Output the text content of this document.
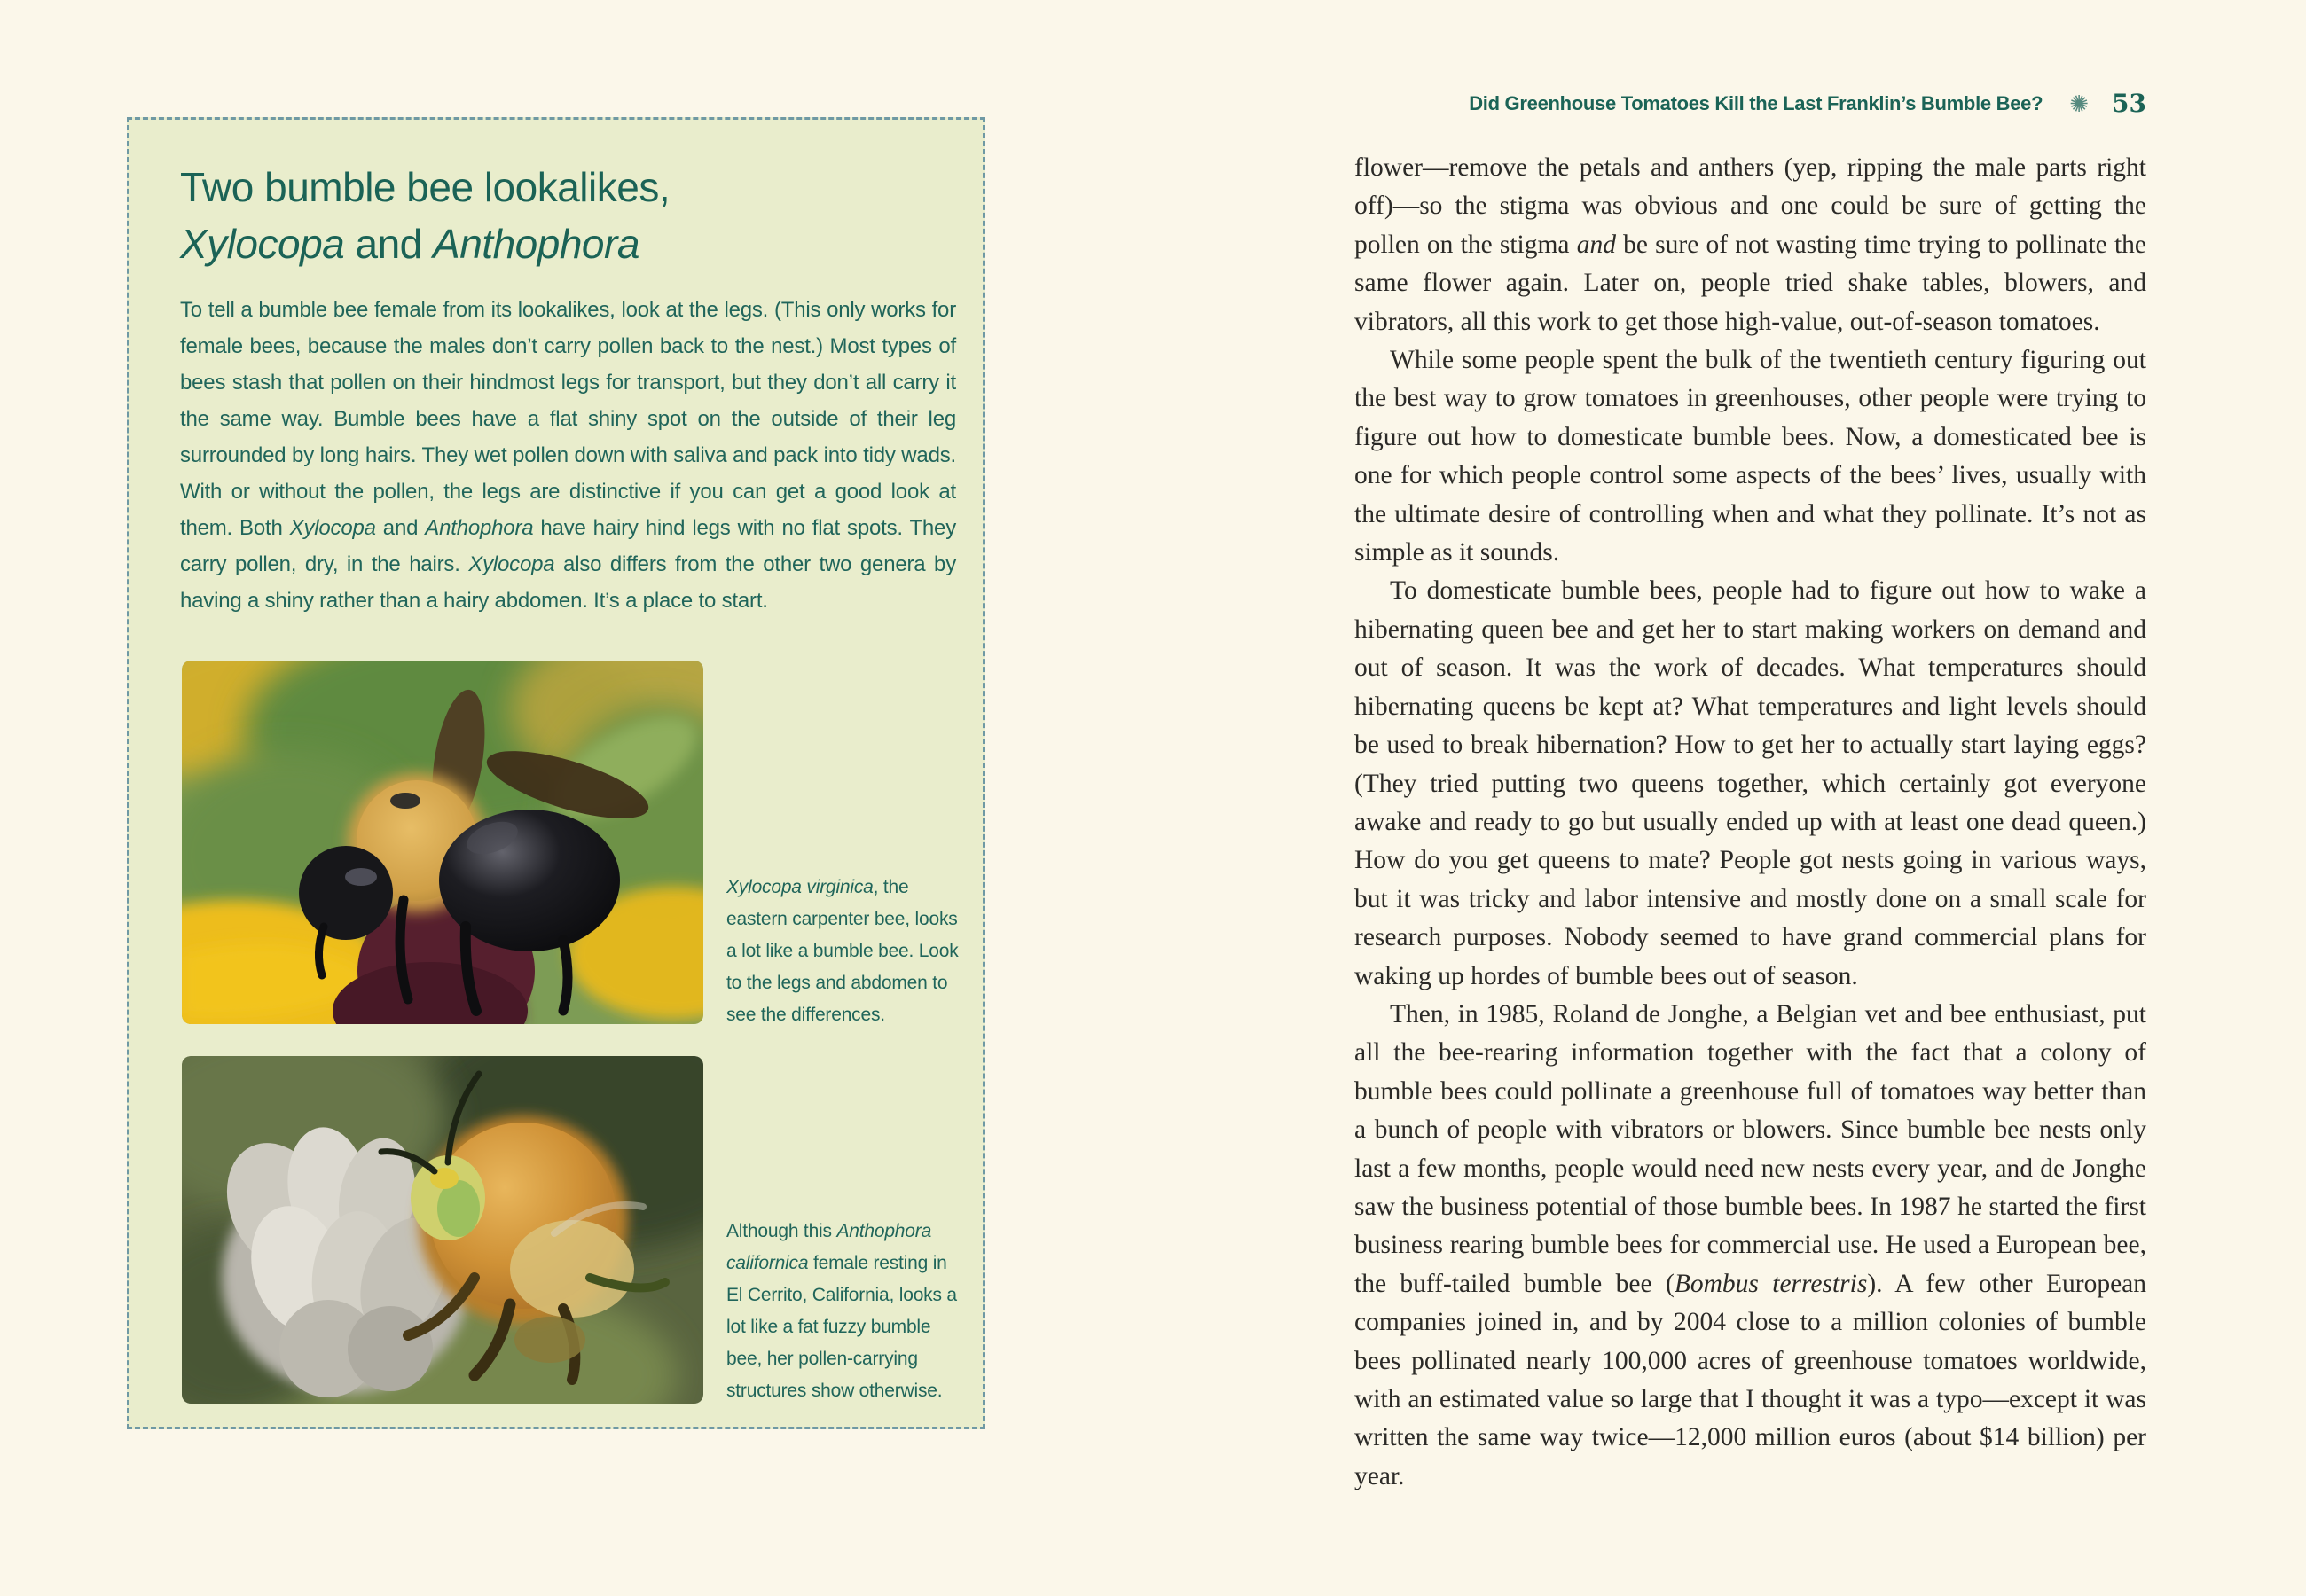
Two bumble bee lookalikes,
Xylocopa and Anthophora
To tell a bumble bee female from its lookalikes, look at the legs. (This only works for female bees, because the males don’t carry pollen back to the nest.) Most types of bees stash that pollen on their hindmost legs for transport, but they don’t all carry it the same way. Bumble bees have a flat shiny spot on the outside of their leg surrounded by long hairs. They wet pollen down with saliva and pack into tidy wads. With or without the pollen, the legs are distinctive if you can get a good look at them. Both Xylocopa and Anthophora have hairy hind legs with no flat spots. They carry pollen, dry, in the hairs. Xylocopa also differs from the other two genera by having a shiny rather than a hairy abdomen. It’s a place to start.
Xylocopa virginica, the eastern carpenter bee, looks a lot like a bumble bee. Look to the legs and abdomen to see the differences.
Although this Anthophora californica female resting in El Cerrito, California, looks a lot like a fat fuzzy bumble bee, her pollen-carrying structures show otherwise.
Did Greenhouse Tomatoes Kill the Last Franklin’s Bumble Bee? ✺ 53

flower—remove the petals and anthers (yep, ripping the male parts right off)—so the stigma was obvious and one could be sure of getting the pollen on the stigma and be sure of not wasting time trying to pollinate the same flower again. Later on, people tried shake tables, blowers, and vibrators, all this work to get those high-value, out-of-season tomatoes.

While some people spent the bulk of the twentieth century figuring out the best way to grow tomatoes in greenhouses, other people were trying to figure out how to domesticate bumble bees. Now, a domesticated bee is one for which people control some aspects of the bees’ lives, usually with the ultimate desire of controlling when and what they pollinate. It’s not as simple as it sounds.

To domesticate bumble bees, people had to figure out how to wake a hibernating queen bee and get her to start making workers on demand and out of season. It was the work of decades. What temperatures should hibernating queens be kept at? What temperatures and light levels should be used to break hibernation? How to get her to actually start laying eggs? (They tried putting two queens together, which certainly got everyone awake and ready to go but usually ended up with at least one dead queen.) How do you get queens to mate? People got nests going in various ways, but it was tricky and labor intensive and mostly done on a small scale for research purposes. Nobody seemed to have grand commercial plans for waking up hordes of bumble bees out of season.

Then, in 1985, Roland de Jonghe, a Belgian vet and bee enthusiast, put all the bee-rearing information together with the fact that a colony of bumble bees could pollinate a greenhouse full of tomatoes way better than a bunch of people with vibrators or blowers. Since bumble bee nests only last a few months, people would need new nests every year, and de Jonghe saw the business potential of those bumble bees. In 1987 he started the first business rearing bumble bees for commercial use. He used a European bee, the buff-tailed bumble bee (Bombus terrestris). A few other European companies joined in, and by 2004 close to a million colonies of bumble bees pollinated nearly 100,000 acres of greenhouse tomatoes worldwide, with an estimated value so large that I thought it was a typo—except it was written the same way twice—12,000 million euros (about $14 billion) per year.
